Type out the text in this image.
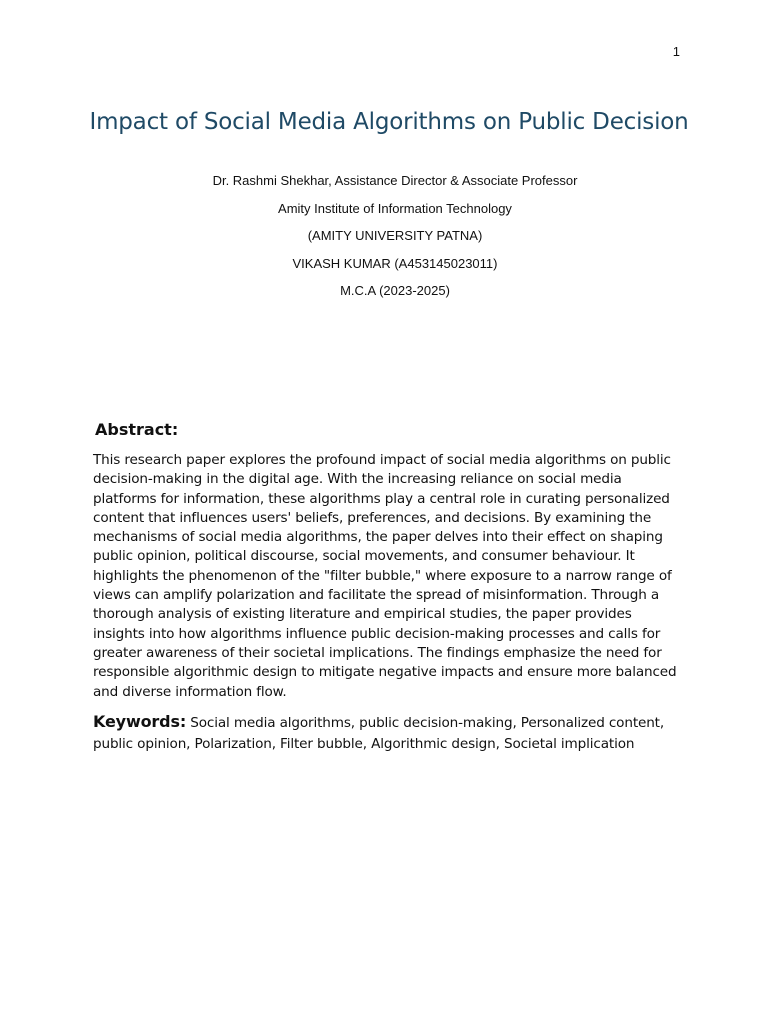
1
Impact of Social Media Algorithms on Public Decision
Dr. Rashmi Shekhar, Assistance Director & Associate Professor
Amity Institute of Information Technology
(AMITY UNIVERSITY PATNA)
VIKASH KUMAR (A453145023011)
M.C.A (2023-2025)
Abstract:

This research paper explores the profound impact of social media algorithms on public
decision-making in the digital age. With the increasing reliance on social media
platforms for information, these algorithms play a central role in curating personalized
content that influences users' beliefs, preferences, and decisions. By examining the
mechanisms of social media algorithms, the paper delves into their effect on shaping
public opinion, political discourse, social movements, and consumer behaviour. It
highlights the phenomenon of the "filter bubble," where exposure to a narrow range of
views can amplify polarization and facilitate the spread of misinformation. Through a
thorough analysis of existing literature and empirical studies, the paper provides
insights into how algorithms influence public decision-making processes and calls for
greater awareness of their societal implications. The findings emphasize the need for
responsible algorithmic design to mitigate negative impacts and ensure more balanced
and diverse information flow.

Keywords: Social media algorithms, public decision-making, Personalized content,
public opinion, Polarization, Filter bubble, Algorithmic design, Societal implication
